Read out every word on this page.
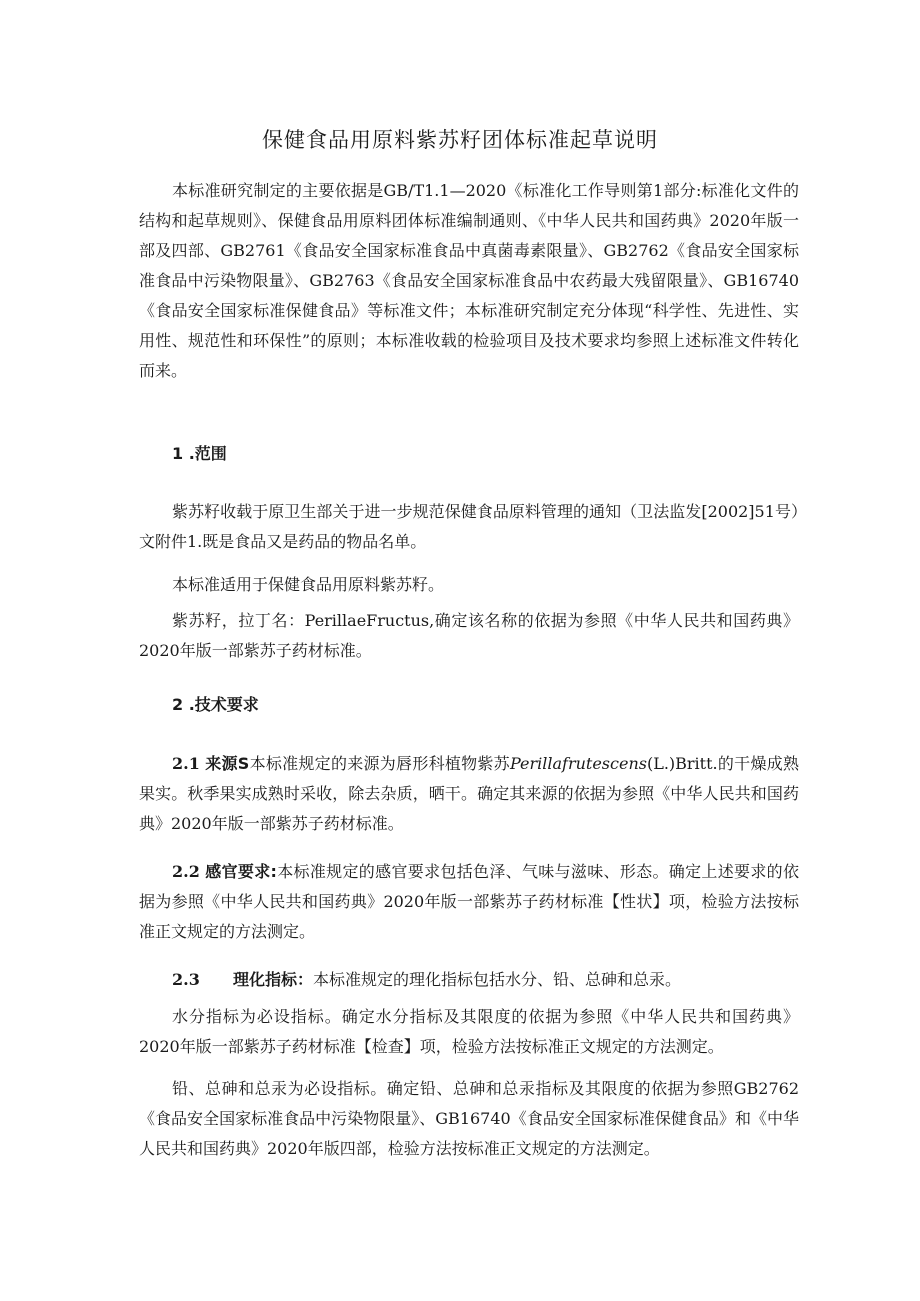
保健食品用原料紫苏籽团体标准起草说明
本标准研究制定的主要依据是GB/T1.1—2020《标准化工作导则第1部分:标准化文件的结构和起草规则》、保健食品用原料团体标准编制通则、《中华人民共和国药典》2020年版一部及四部、GB2761《食品安全国家标准食品中真菌毒素限量》、GB2762《食品安全国家标准食品中污染物限量》、GB2763《食品安全国家标准食品中农药最大残留限量》、GB16740《食品安全国家标准保健食品》等标准文件；本标准研究制定充分体现“科学性、先进性、实用性、规范性和环保性”的原则；本标准收载的检验项目及技术要求均参照上述标准文件转化而来。
1 .范围
紫苏籽收载于原卫生部关于进一步规范保健食品原料管理的通知（卫法监发[2002]51号）文附件1.既是食品又是药品的物品名单。
本标准适用于保健食品用原料紫苏籽。
紫苏籽，拉丁名：PerillaeFructus,确定该名称的依据为参照《中华人民共和国药典》2020年版一部紫苏子药材标准。
2 .技术要求
2.1 来源S本标准规定的来源为唇形科植物紫苏Perillafrutescens(L.)Britt.的干燥成熟果实。秋季果实成熟时采收，除去杂质，晒干。确定其来源的依据为参照《中华人民共和国药典》2020年版一部紫苏子药材标准。
2.2 感官要求:本标准规定的感官要求包括色泽、气味与滋味、形态。确定上述要求的依据为参照《中华人民共和国药典》2020年版一部紫苏子药材标准【性状】项，检验方法按标准正文规定的方法测定。
2.3 理化指标：本标准规定的理化指标包括水分、铅、总砷和总汞。
水分指标为必设指标。确定水分指标及其限度的依据为参照《中华人民共和国药典》2020年版一部紫苏子药材标准【检查】项，检验方法按标准正文规定的方法测定。
铅、总砷和总汞为必设指标。确定铅、总砷和总汞指标及其限度的依据为参照GB2762《食品安全国家标准食品中污染物限量》、GB16740《食品安全国家标准保健食品》和《中华人民共和国药典》2020年版四部，检验方法按标准正文规定的方法测定。
